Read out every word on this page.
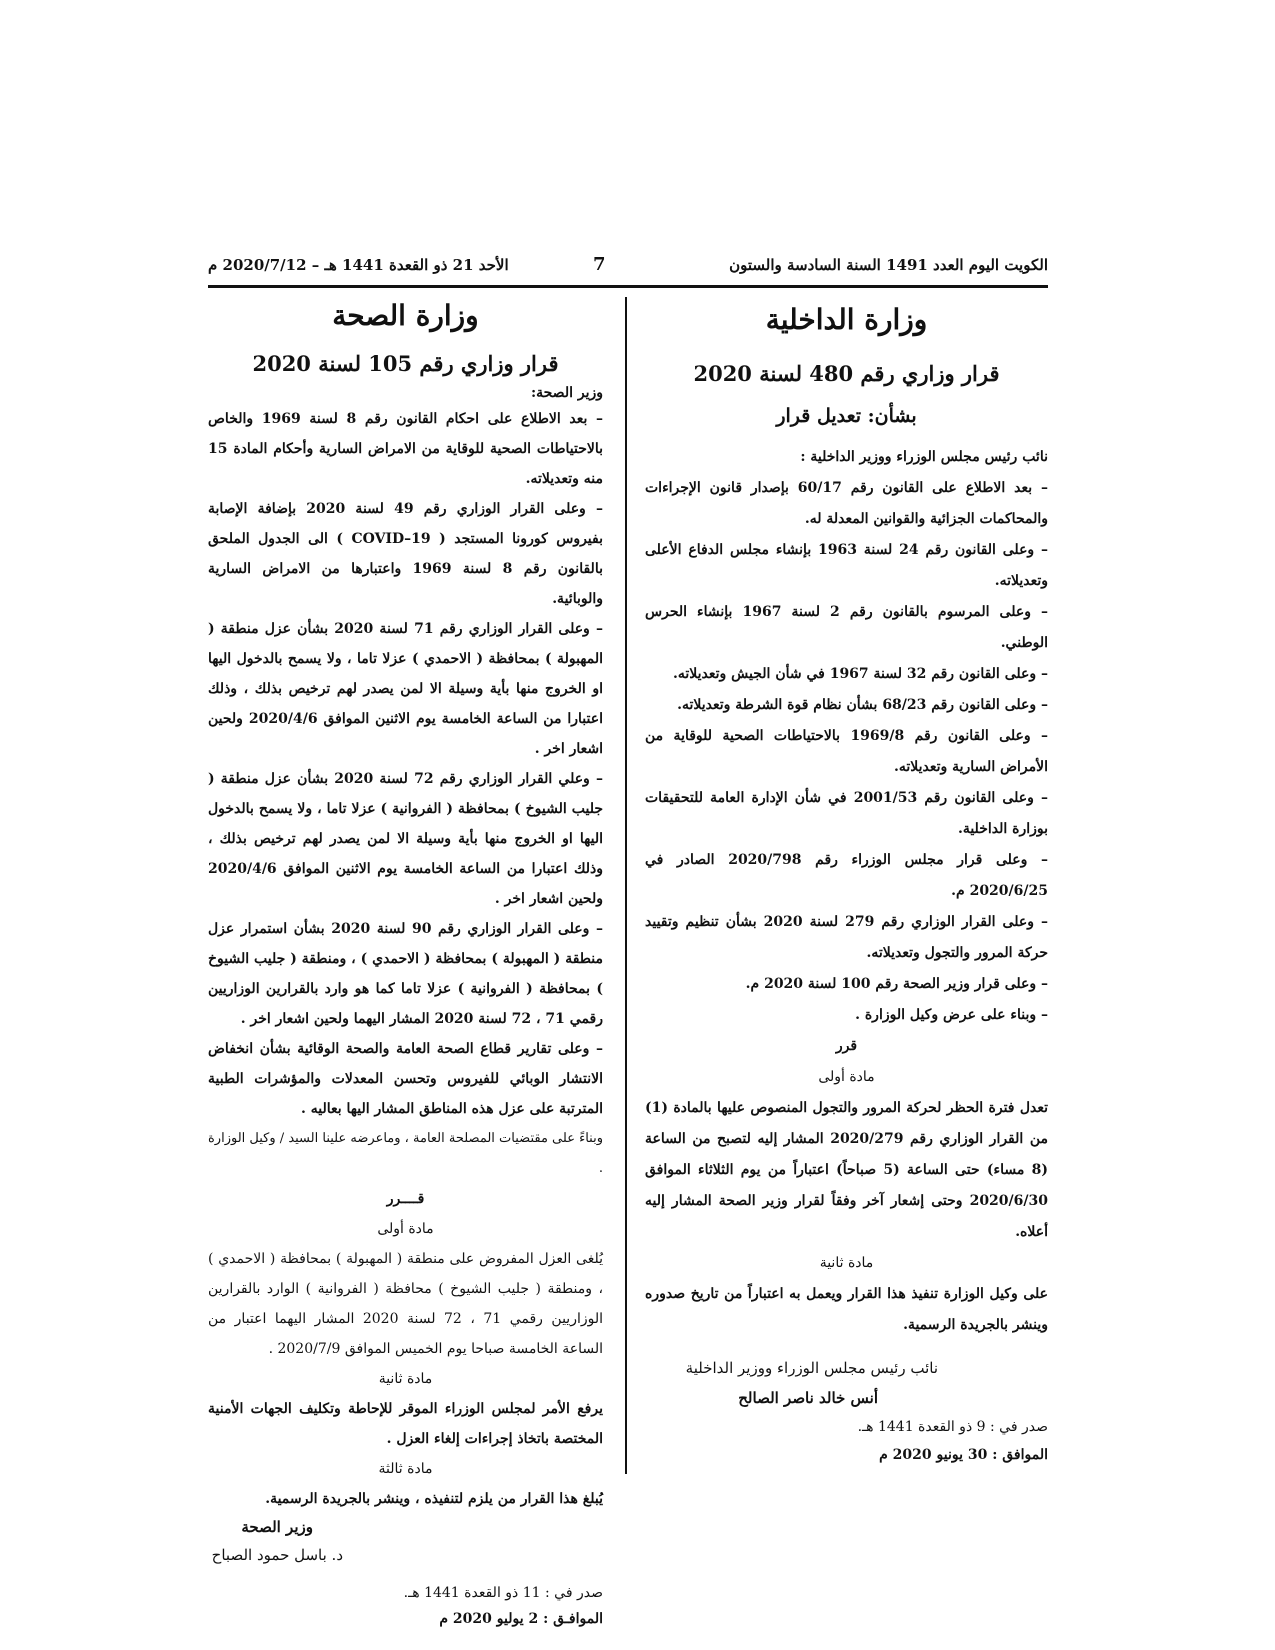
الكويت اليوم العدد 1491 السنة السادسة والستون
7
الأحد 21 ذو القعدة 1441 هـ – 2020/7/12 م
وزارة الداخلية
قرار وزاري رقم 480 لسنة 2020
بشأن: تعديل قرار

نائب رئيس مجلس الوزراء ووزير الداخلية :

– بعد الاطلاع على القانون رقم 60/17 بإصدار قانون الإجراءات والمحاكمات الجزائية والقوانين المعدلة له.

– وعلى القانون رقم 24 لسنة 1963 بإنشاء مجلس الدفاع الأعلى وتعديلاته.

– وعلى المرسوم بالقانون رقم 2 لسنة 1967 بإنشاء الحرس الوطني.

– وعلى القانون رقم 32 لسنة 1967 في شأن الجيش وتعديلاته.

– وعلى القانون رقم 68/23 بشأن نظام قوة الشرطة وتعديلاته.

– وعلى القانون رقم 1969/8 بالاحتياطات الصحية للوقاية من الأمراض السارية وتعديلاته.

– وعلى القانون رقم 2001/53 في شأن الإدارة العامة للتحقيقات بوزارة الداخلية.

– وعلى قرار مجلس الوزراء رقم 2020/798 الصادر في 2020/6/25 م.

– وعلى القرار الوزاري رقم 279 لسنة 2020 بشأن تنظيم وتقييد حركة المرور والتجول وتعديلاته.

– وعلى قرار وزير الصحة رقم 100 لسنة 2020 م.

– وبناء على عرض وكيل الوزارة .

قرر

مادة أولى

تعدل فترة الحظر لحركة المرور والتجول المنصوص عليها بالمادة (1) من القرار الوزاري رقم 2020/279 المشار إليه لتصبح من الساعة (8 مساء) حتى الساعة (5 صباحاً) اعتباراً من يوم الثلاثاء الموافق 2020/6/30 وحتى إشعار آخر وفقاً لقرار وزير الصحة المشار إليه أعلاه.

مادة ثانية

على وكيل الوزارة تنفيذ هذا القرار ويعمل به اعتباراً من تاريخ صدوره وينشر بالجريدة الرسمية.

نائب رئيس مجلس الوزراء ووزير الداخلية

أنس خالد ناصر الصالح

صدر في : 9 ذو القعدة 1441 هـ.

الموافق : 30 يونيو 2020 م

وزارة الصحة
قرار وزاري رقم 105 لسنة 2020

وزير الصحة:

– بعد الاطلاع على احكام القانون رقم 8 لسنة 1969 والخاص بالاحتياطات الصحية للوقاية من الامراض السارية وأحكام المادة 15 منه وتعديلاته.

– وعلى القرار الوزاري رقم 49 لسنة 2020 بإضافة الإصابة بفيروس كورونا المستجد ( COVID–19 ) الى الجدول الملحق بالقانون رقم 8 لسنة 1969 واعتبارها من الامراض السارية والوبائية.

– وعلى القرار الوزاري رقم 71 لسنة 2020 بشأن عزل منطقة ( المهبولة ) بمحافظة ( الاحمدي ) عزلا تاما ، ولا يسمح بالدخول اليها او الخروج منها بأية وسيلة الا لمن يصدر لهم ترخيص بذلك ، وذلك اعتبارا من الساعة الخامسة يوم الاثنين الموافق 2020/4/6 ولحين اشعار اخر .

– وعلي القرار الوزاري رقم 72 لسنة 2020 بشأن عزل منطقة ( جليب الشيوخ ) بمحافظة ( الفروانية ) عزلا تاما ، ولا يسمح بالدخول اليها او الخروج منها بأية وسيلة الا لمن يصدر لهم ترخيص بذلك ، وذلك اعتبارا من الساعة الخامسة يوم الاثنين الموافق 2020/4/6 ولحين اشعار اخر .

– وعلى القرار الوزاري رقم 90 لسنة 2020 بشأن استمرار عزل منطقة ( المهبولة ) بمحافظة ( الاحمدي ) ، ومنطقة ( جليب الشيوخ ) بمحافظة ( الفروانية ) عزلا تاما كما هو وارد بالقرارين الوزاريين رقمي 71 ، 72 لسنة 2020 المشار اليهما ولحين اشعار اخر .

– وعلى تقارير قطاع الصحة العامة والصحة الوقائية بشأن انخفاض الانتشار الوبائي للفيروس وتحسن المعدلات والمؤشرات الطبية المترتبة على عزل هذه المناطق المشار اليها بعاليه .

وبناءً على مقتضيات المصلحة العامة ، وماعرضه علينا السيد / وكيل الوزارة .

قــــرر

مادة أولى

يُلغى العزل المفروض على منطقة ( المهبولة ) بمحافظة ( الاحمدي ) ، ومنطقة ( جليب الشيوخ ) محافظة ( الفروانية ) الوارد بالقرارين الوزاريين رقمي 71 ، 72 لسنة 2020 المشار اليهما اعتبار من الساعة الخامسة صباحا يوم الخميس الموافق 2020/7/9 .

مادة ثانية

يرفع الأمر لمجلس الوزراء الموقر للإحاطة وتكليف الجهات الأمنية المختصة باتخاذ إجراءات إلغاء العزل .

مادة ثالثة

يُبلغ هذا القرار من يلزم لتنفيذه ، وينشر بالجريدة الرسمية.

وزير الصحة

د. باسل حمود الصباح

صدر في : 11 ذو القعدة 1441 هـ.

الموافـق : 2 يوليو 2020 م
